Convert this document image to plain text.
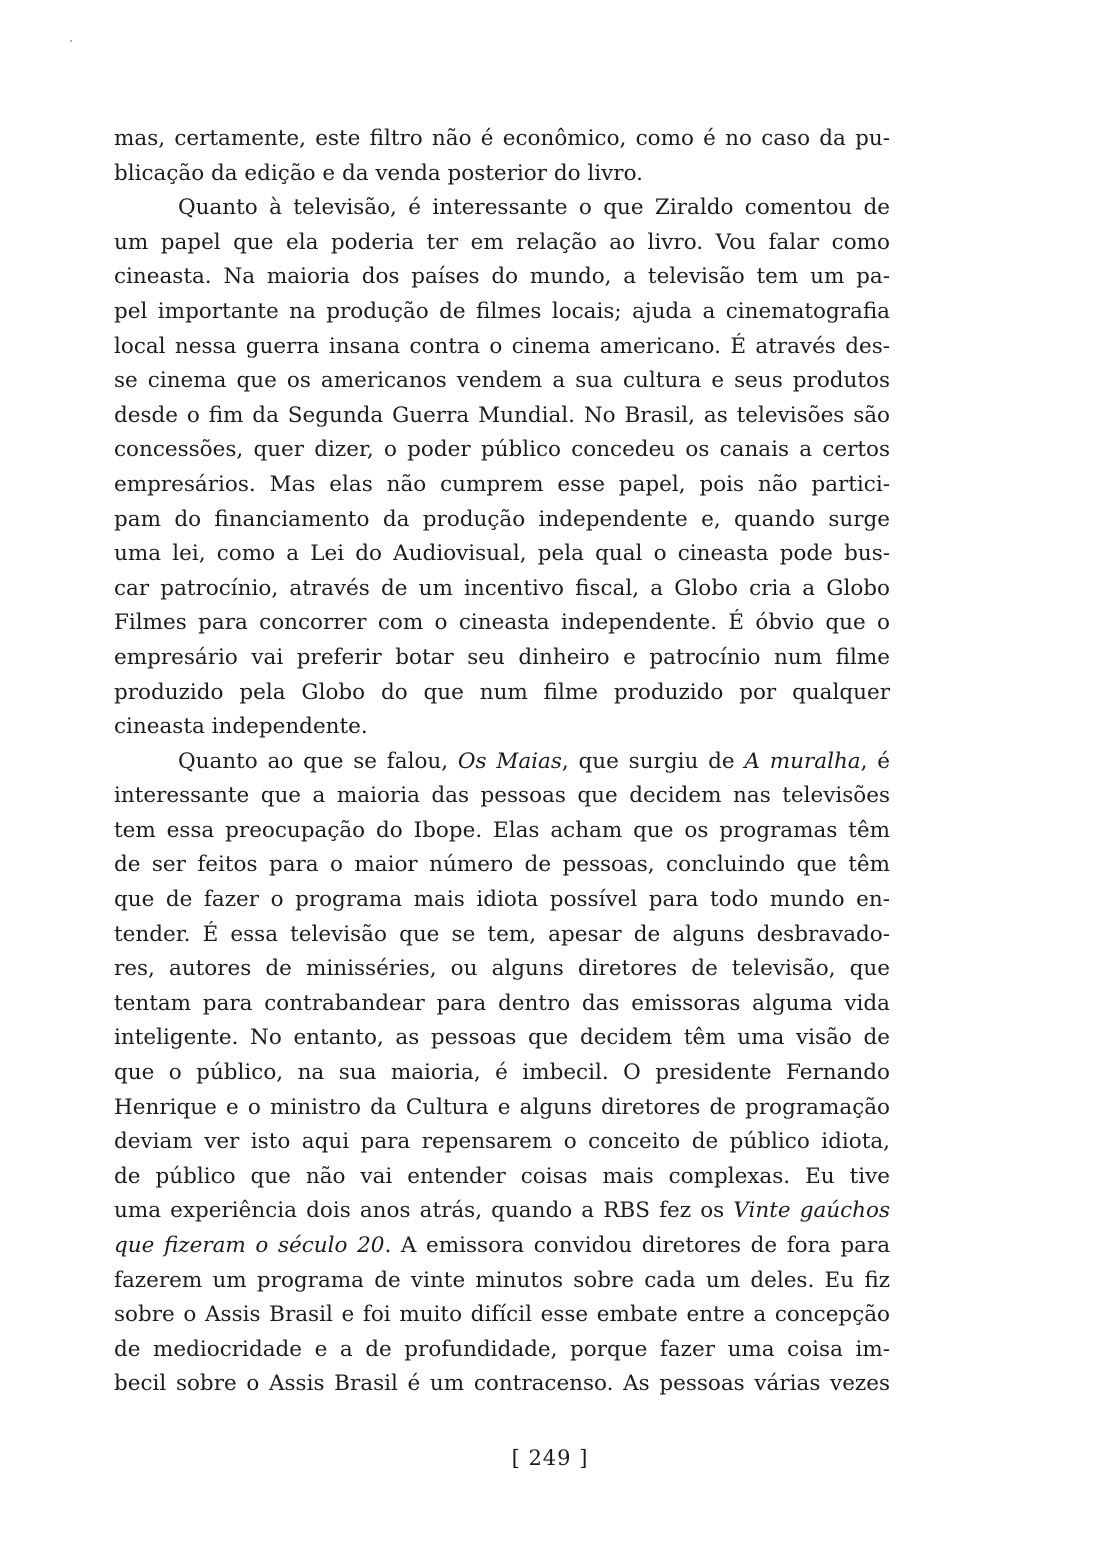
mas, certamente, este filtro não é econômico, como é no caso da pu-
blicação da edição e da venda posterior do livro.
Quanto à televisão, é interessante o que Ziraldo comentou de
um papel que ela poderia ter em relação ao livro. Vou falar como
cineasta. Na maioria dos países do mundo, a televisão tem um pa-
pel importante na produção de filmes locais; ajuda a cinematografia
local nessa guerra insana contra o cinema americano. É através des-
se cinema que os americanos vendem a sua cultura e seus produtos
desde o fim da Segunda Guerra Mundial. No Brasil, as televisões são
concessões, quer dizer, o poder público concedeu os canais a certos
empresários. Mas elas não cumprem esse papel, pois não partici-
pam do financiamento da produção independente e, quando surge
uma lei, como a Lei do Audiovisual, pela qual o cineasta pode bus-
car patrocínio, através de um incentivo fiscal, a Globo cria a Globo
Filmes para concorrer com o cineasta independente. É óbvio que o
empresário vai preferir botar seu dinheiro e patrocínio num filme
produzido pela Globo do que num filme produzido por qualquer
cineasta independente.
Quanto ao que se falou, Os Maias, que surgiu de A muralha, é
interessante que a maioria das pessoas que decidem nas televisões
tem essa preocupação do Ibope. Elas acham que os programas têm
de ser feitos para o maior número de pessoas, concluindo que têm
que de fazer o programa mais idiota possível para todo mundo en-
tender. É essa televisão que se tem, apesar de alguns desbravado-
res, autores de minisséries, ou alguns diretores de televisão, que
tentam para contrabandear para dentro das emissoras alguma vida
inteligente. No entanto, as pessoas que decidem têm uma visão de
que o público, na sua maioria, é imbecil. O presidente Fernando
Henrique e o ministro da Cultura e alguns diretores de programação
deviam ver isto aqui para repensarem o conceito de público idiota,
de público que não vai entender coisas mais complexas. Eu tive
uma experiência dois anos atrás, quando a RBS fez os Vinte gaúchos
que fizeram o século 20. A emissora convidou diretores de fora para
fazerem um programa de vinte minutos sobre cada um deles. Eu fiz
sobre o Assis Brasil e foi muito difícil esse embate entre a concepção
de mediocridade e a de profundidade, porque fazer uma coisa im-
becil sobre o Assis Brasil é um contracenso. As pessoas várias vezes
[ 249 ]
